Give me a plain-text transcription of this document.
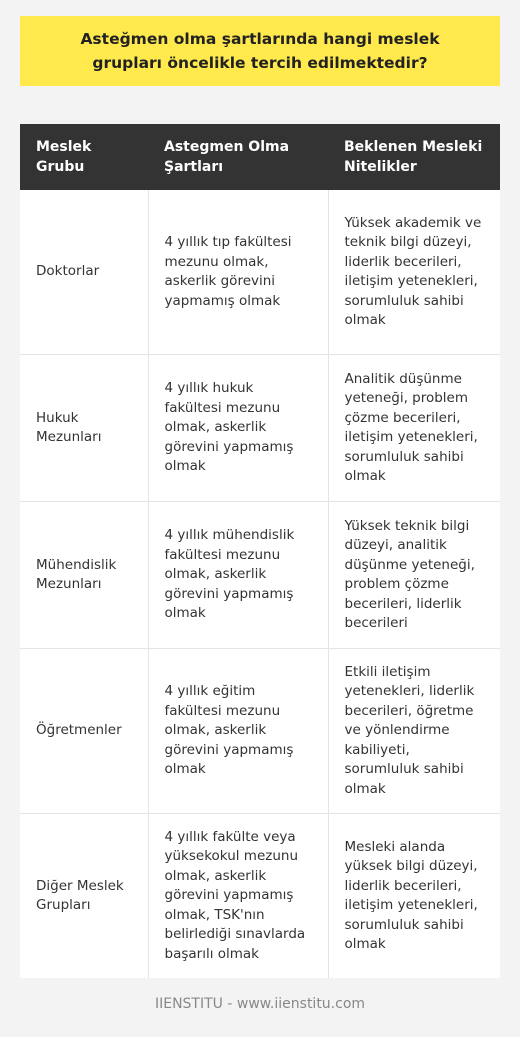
Asteğmen olma şartlarında hangi meslek grupları öncelikle tercih edilmektedir?
Meslek Grubu	Astegmen Olma Şartları	Beklenen Mesleki Nitelikler
Doktorlar	4 yıllık tıp fakültesi mezunu olmak, askerlik görevini yapmamış olmak	Yüksek akademik ve teknik bilgi düzeyi, liderlik becerileri, iletişim yetenekleri, sorumluluk sahibi olmak
Hukuk Mezunları	4 yıllık hukuk fakültesi mezunu olmak, askerlik görevini yapmamış olmak	Analitik düşünme yeteneği, problem çözme becerileri, iletişim yetenekleri, sorumluluk sahibi olmak
Mühendislik Mezunları	4 yıllık mühendislik fakültesi mezunu olmak, askerlik görevini yapmamış olmak	Yüksek teknik bilgi düzeyi, analitik düşünme yeteneği, problem çözme becerileri, liderlik becerileri
Öğretmenler	4 yıllık eğitim fakültesi mezunu olmak, askerlik görevini yapmamış olmak	Etkili iletişim yetenekleri, liderlik becerileri, öğretme ve yönlendirme kabiliyeti, sorumluluk sahibi olmak
Diğer Meslek Grupları	4 yıllık fakülte veya yüksekokul mezunu olmak, askerlik görevini yapmamış olmak, TSK'nın belirlediği sınavlarda başarılı olmak	Mesleki alanda yüksek bilgi düzeyi, liderlik becerileri, iletişim yetenekleri, sorumluluk sahibi olmak
IIENSTITU - www.iienstitu.com
